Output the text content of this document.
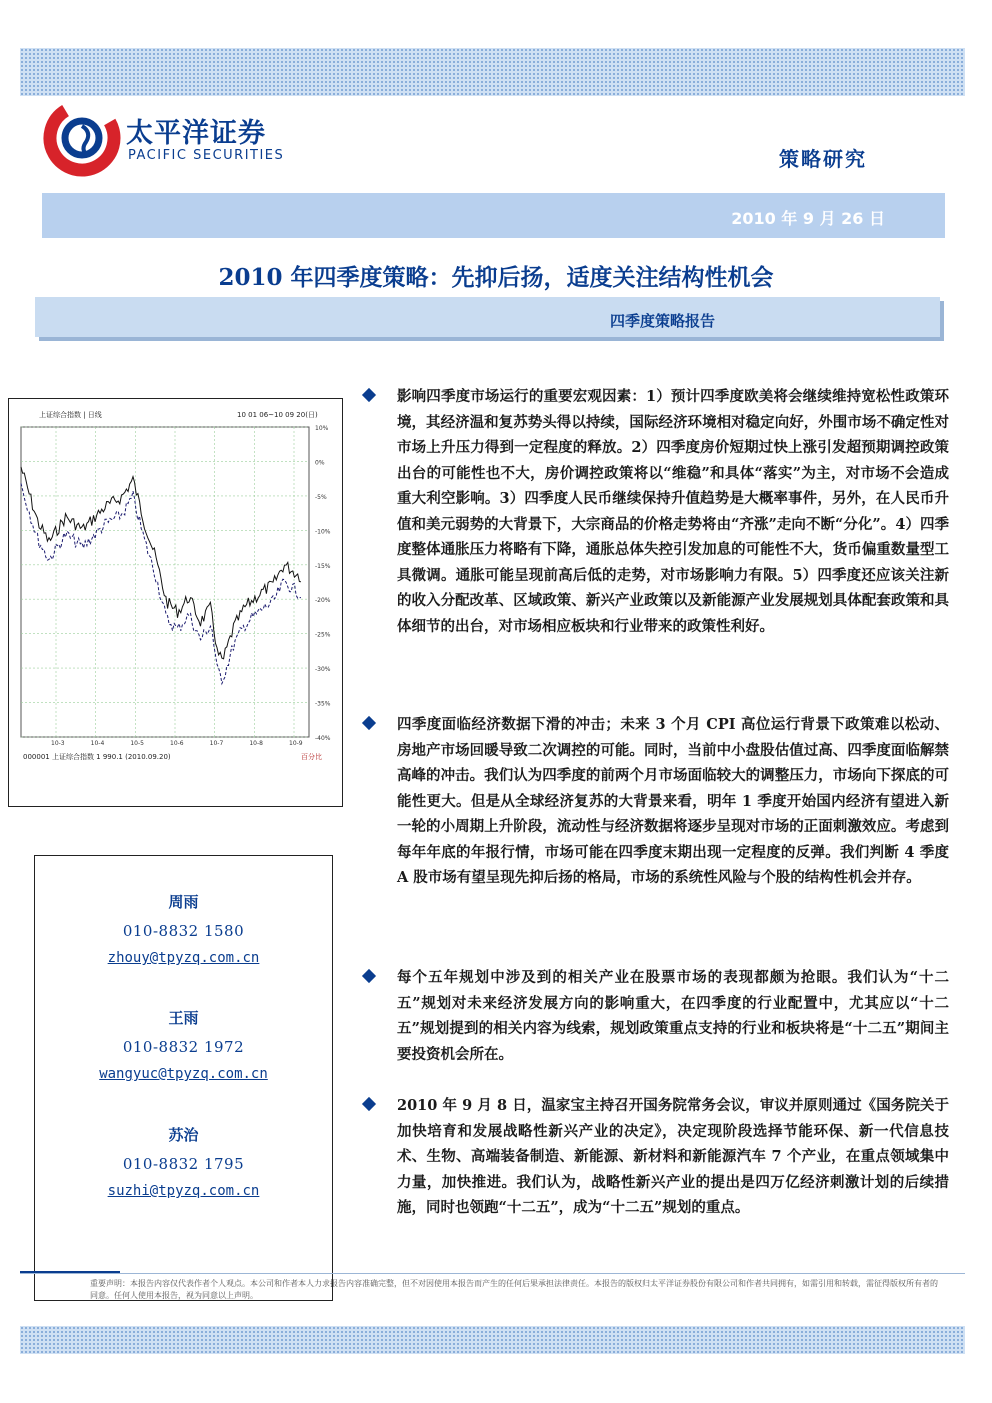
太平洋证券
PACIFIC SECURITIES	策略研究
2010 年 9 月 26 日
2010 年四季度策略：先抑后扬，适度关注结构性机会
四季度策略报告
上证综合指数 | 日线	10 01 06~10 09 20(日)
000001 上证综合指数 1 990.1 (2010.09.20)	百分比
10%
0%
-5%
-10%
-15%
-20%
-25%
-30%
-35%
-40%
10-3	10-4	10-5	10-6	10-7	10-8	10-9
周雨
010-8832 1580
zhouy@tpyzq.com.cn
王雨
010-8832 1972
wangyuc@tpyzq.com.cn
苏治
010-8832 1795
suzhi@tpyzq.com.cn
影响四季度市场运行的重要宏观因素：1）预计四季度欧美将会继续维持宽松性政策环境，其经济温和复苏势头得以持续，国际经济环境相对稳定向好，外围市场不确定性对市场上升压力得到一定程度的释放。2）四季度房价短期过快上涨引发超预期调控政策出台的可能性也不大，房价调控政策将以“维稳”和具体“落实”为主，对市场不会造成重大利空影响。3）四季度人民币继续保持升值趋势是大概率事件，另外，在人民币升值和美元弱势的大背景下，大宗商品的价格走势将由“齐涨”走向不断“分化”。4）四季度整体通胀压力将略有下降，通胀总体失控引发加息的可能性不大，货币偏重数量型工具微调。通胀可能呈现前高后低的走势，对市场影响力有限。5）四季度还应该关注新的收入分配改革、区域政策、新兴产业政策以及新能源产业发展规划具体配套政策和具体细节的出台，对市场相应板块和行业带来的政策性利好。
四季度面临经济数据下滑的冲击；未来 3 个月 CPI 高位运行背景下政策难以松动、房地产市场回暖导致二次调控的可能。同时，当前中小盘股估值过高、四季度面临解禁高峰的冲击。我们认为四季度的前两个月市场面临较大的调整压力，市场向下探底的可能性更大。但是从全球经济复苏的大背景来看，明年 1 季度开始国内经济有望进入新一轮的小周期上升阶段，流动性与经济数据将逐步呈现对市场的正面刺激效应。考虑到每年年底的年报行情，市场可能在四季度末期出现一定程度的反弹。我们判断 4 季度 A 股市场有望呈现先抑后扬的格局，市场的系统性风险与个股的结构性机会并存。
每个五年规划中涉及到的相关产业在股票市场的表现都颇为抢眼。我们认为“十二五”规划对未来经济发展方向的影响重大，在四季度的行业配置中，尤其应以“十二五”规划提到的相关内容为线索，规划政策重点支持的行业和板块将是“十二五”期间主要投资机会所在。
2010 年 9 月 8 日，温家宝主持召开国务院常务会议，审议并原则通过《国务院关于加快培育和发展战略性新兴产业的决定》，决定现阶段选择节能环保、新一代信息技术、生物、高端装备制造、新能源、新材料和新能源汽车 7 个产业，在重点领域集中力量，加快推进。我们认为，战略性新兴产业的提出是四万亿经济刺激计划的后续措施，同时也领跑“十二五”，成为“十二五”规划的重点。
重要声明：本报告内容仅代表作者个人观点。本公司和作者本人力求报告内容准确完整，但不对因使用本报告而产生的任何后果承担法律责任。本报告的版权归太平洋证券股份有限公司和作者共同拥有，如需引用和转载，需征得版权所有者的同意。任何人使用本报告，视为同意以上声明。
